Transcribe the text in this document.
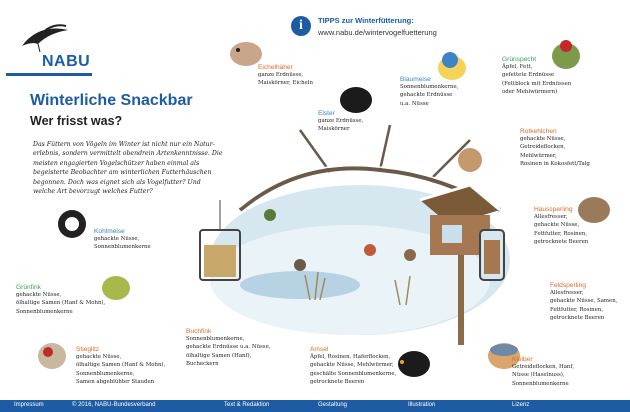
NABU
i	TIPPS zur Winterfütterung:
www.nabu.de/wintervogelfuetterung
Winterliche Snackbar
Wer frisst was?
Das Füttern von Vögeln im Winter ist nicht nur ein Natur-erlebnis, sondern vermittelt obendrein Artenkenntnisse. Die meisten engagierten Vogelschützer haben einmal als begeisterte Beobachter am winterlichen Futterhäuschen begonnen. Doch was eignet sich als Vogelfutter? Und welche Art bevorzugt welches Futter?
Eichelhäher
ganze Erdnüsse,
Maiskörner, Eicheln
Blaumeise
Sonnenblumenkerne,
gehackte Erdnüsse
u.a. Nüsse
Grünspecht
Äpfel, Fett,
gefettete Erdnüsse
(Fettblock mit Erdnüssen
oder Mehlwürmern)
Elster
ganze Erdnüsse,
Maiskörner	Rotkehlchen
gehackte Nüsse,
Getreideflocken,
Mehlwürmer,
Rosinen in Kokosfett/Talg
Kohlmeise
gehackte Nüsse,
Sonnenblumenkerne
Haussperling
Allesfresser,
gehackte Nüsse,
Fettfutter, Rosinen,
getrocknete Beeren
Grünfink
gehackte Nüsse,
ölhaltige Samen (Hanf & Mohn),
Sonnenblumenkerne
Feldsperling
Allesfresser,
gehackte Nüsse, Samen,
Fettfutter, Rosinen,
getrocknete Beeren
Buchfink
Sonnenblumenkerne,
gehackte Erdnüsse u.a. Nüsse,
ölhaltige Samen (Hanf),
Bucheckern
Stieglitz
gehackte Nüsse,
ölhaltige Samen (Hanf & Mohn),
Sonnenblumenkerne,
Samen abgeblühter Stauden
Amsel
Äpfel, Rosinen, Haferflocken,
gehackte Nüsse, Mehlwürmer,
geschälte Sonnenblumenkerne,
getrocknete Beeren
Kleiber
Getreideflocken, Hanf,
Nüsse (Haselnuss),
Sonnenblumenkerne
Impressum	© 2016, NABU-Bundesverband	Text & Redaktion	Gestaltung	Illustration	Lizenz
